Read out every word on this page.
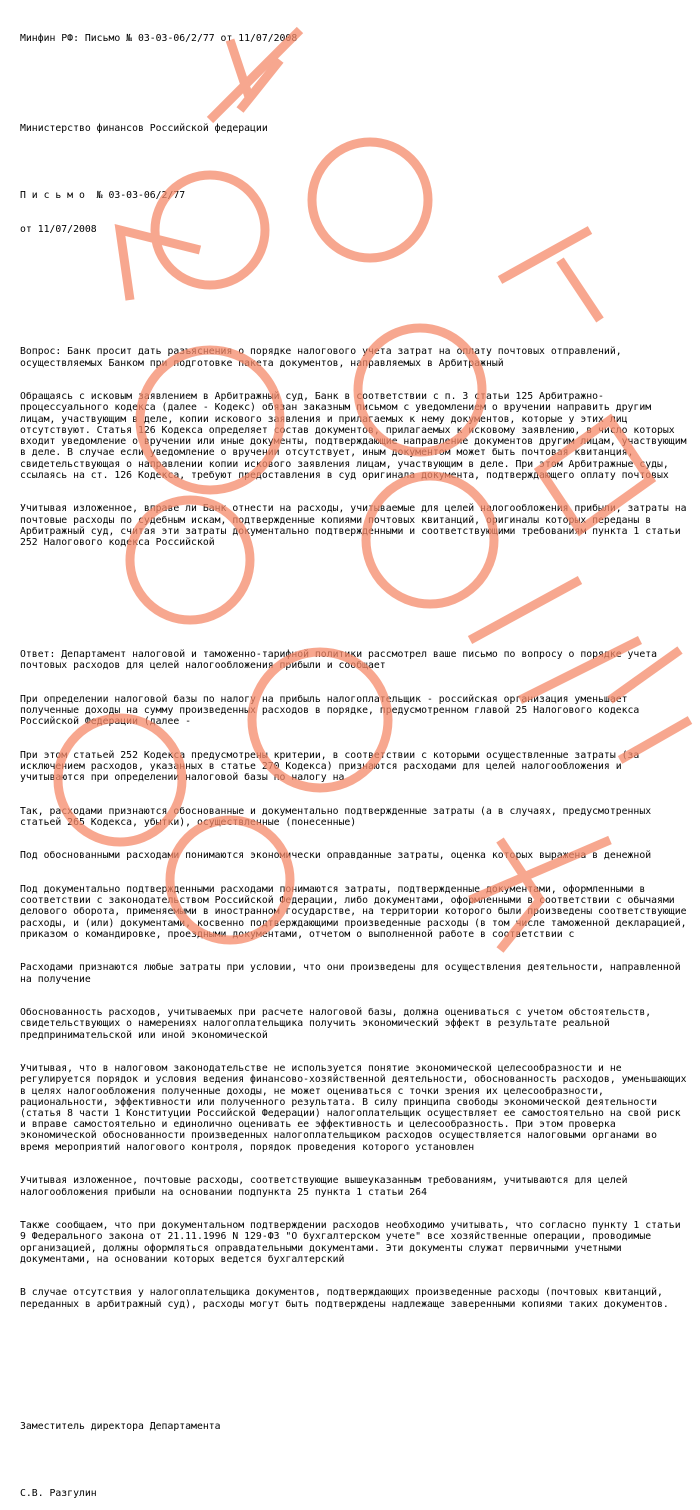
Минфин РФ: Письмо № 03-03-06/2/77 от 11/07/2008

Министерство финансов Российской федерации

П и с ь м о  № 03-03-06/2/77

от 11/07/2008

Вопрос: Банк просит дать разъяснения о порядке налогового учета затрат на оплату почтовых отправлений, осуществляемых Банком при подготовке пакета документов, направляемых в Арбитражный

Обращаясь с исковым заявлением в Арбитражный суд, Банк в соответствии с п. 3 статьи 125 Арбитражно-процессуального кодекса (далее - Кодекс) обязан заказным письмом с уведомлением о вручении направить другим лицам, участвующим в деле, копии искового заявления и прилагаемых к нему документов, которые у этих лиц отсутствуют. Статья 126 Кодекса определяет состав документов, прилагаемых к исковому заявлению, в число которых входит уведомление о вручении или иные документы, подтверждающие направление документов другим лицам, участвующим в деле. В случае если уведомление о вручении отсутствует, иным документом может быть почтовая квитанция, свидетельствующая о направлении копии искового заявления лицам, участвующим в деле. При этом Арбитражные суды, ссылаясь на ст. 126 Кодекса, требуют предоставления в суд оригинала документа, подтверждающего оплату почтовых

Учитывая изложенное, вправе ли Банк отнести на расходы, учитываемые для целей налогообложения прибыли, затраты на почтовые расходы по судебным искам, подтвержденные копиями почтовых квитанций, оригиналы которых переданы в Арбитражный суд, считая эти затраты документально подтвержденными и соответствующими требованиям пункта 1 статьи 252 Налогового кодекса Российской

Ответ: Департамент налоговой и таможенно-тарифной политики рассмотрел ваше письмо по вопросу о порядке учета почтовых расходов для целей налогообложения прибыли и сообщает

При определении налоговой базы по налогу на прибыль налогоплательщик - российская организация уменьшает полученные доходы на сумму произведенных расходов в порядке, предусмотренном главой 25 Налогового кодекса Российской Федерации (далее -

При этом статьей 252 Кодекса предусмотрены критерии, в соответствии с которыми осуществленные затраты (за исключением расходов, указанных в статье 270 Кодекса) признаются расходами для целей налогообложения и учитываются при определении налоговой базы по налогу на

Так, расходами признаются обоснованные и документально подтвержденные затраты (а в случаях, предусмотренных статьей 265 Кодекса, убытки), осуществленные (понесенные)

Под обоснованными расходами понимаются экономически оправданные затраты, оценка которых выражена в денежной

Под документально подтвержденными расходами понимаются затраты, подтвержденные документами, оформленными в соответствии с законодательством Российской Федерации, либо документами, оформленными в соответствии с обычаями делового оборота, применяемыми в иностранном государстве, на территории которого были произведены соответствующие расходы, и (или) документами, косвенно подтверждающими произведенные расходы (в том числе таможенной декларацией, приказом о командировке, проездными документами, отчетом о выполненной работе в соответствии с

Расходами признаются любые затраты при условии, что они произведены для осуществления деятельности, направленной на получение

Обоснованность расходов, учитываемых при расчете налоговой базы, должна оцениваться с учетом обстоятельств, свидетельствующих о намерениях налогоплательщика получить экономический эффект в результате реальной предпринимательской или иной экономической

Учитывая, что в налоговом законодательстве не используется понятие экономической целесообразности и не регулируется порядок и условия ведения финансово-хозяйственной деятельности, обоснованность расходов, уменьшающих в целях налогообложения полученные доходы, не может оцениваться с точки зрения их целесообразности, рациональности, эффективности или полученного результата. В силу принципа свободы экономической деятельности (статья 8 части 1 Конституции Российской Федерации) налогоплательщик осуществляет ее самостоятельно на свой риск и вправе самостоятельно и единолично оценивать ее эффективность и целесообразность. При этом проверка экономической обоснованности произведенных налогоплательщиком расходов осуществляется налоговыми органами во время мероприятий налогового контроля, порядок проведения которого установлен

Учитывая изложенное, почтовые расходы, соответствующие вышеуказанным требованиям, учитываются для целей налогообложения прибыли на основании подпункта 25 пункта 1 статьи 264

Также сообщаем, что при документальном подтверждении расходов необходимо учитывать, что согласно пункту 1 статьи 9 Федерального закона от 21.11.1996 N 129-ФЗ "О бухгалтерском учете" все хозяйственные операции, проводимые организацией, должны оформляться оправдательными документами. Эти документы служат первичными учетными документами, на основании которых ведется бухгалтерский

В случае отсутствия у налогоплательщика документов, подтверждающих произведенные расходы (почтовых квитанций, переданных в арбитражный суд), расходы могут быть подтверждены надлежаще заверенными копиями таких документов.

Заместитель директора Департамента

С.В. Разгулин
